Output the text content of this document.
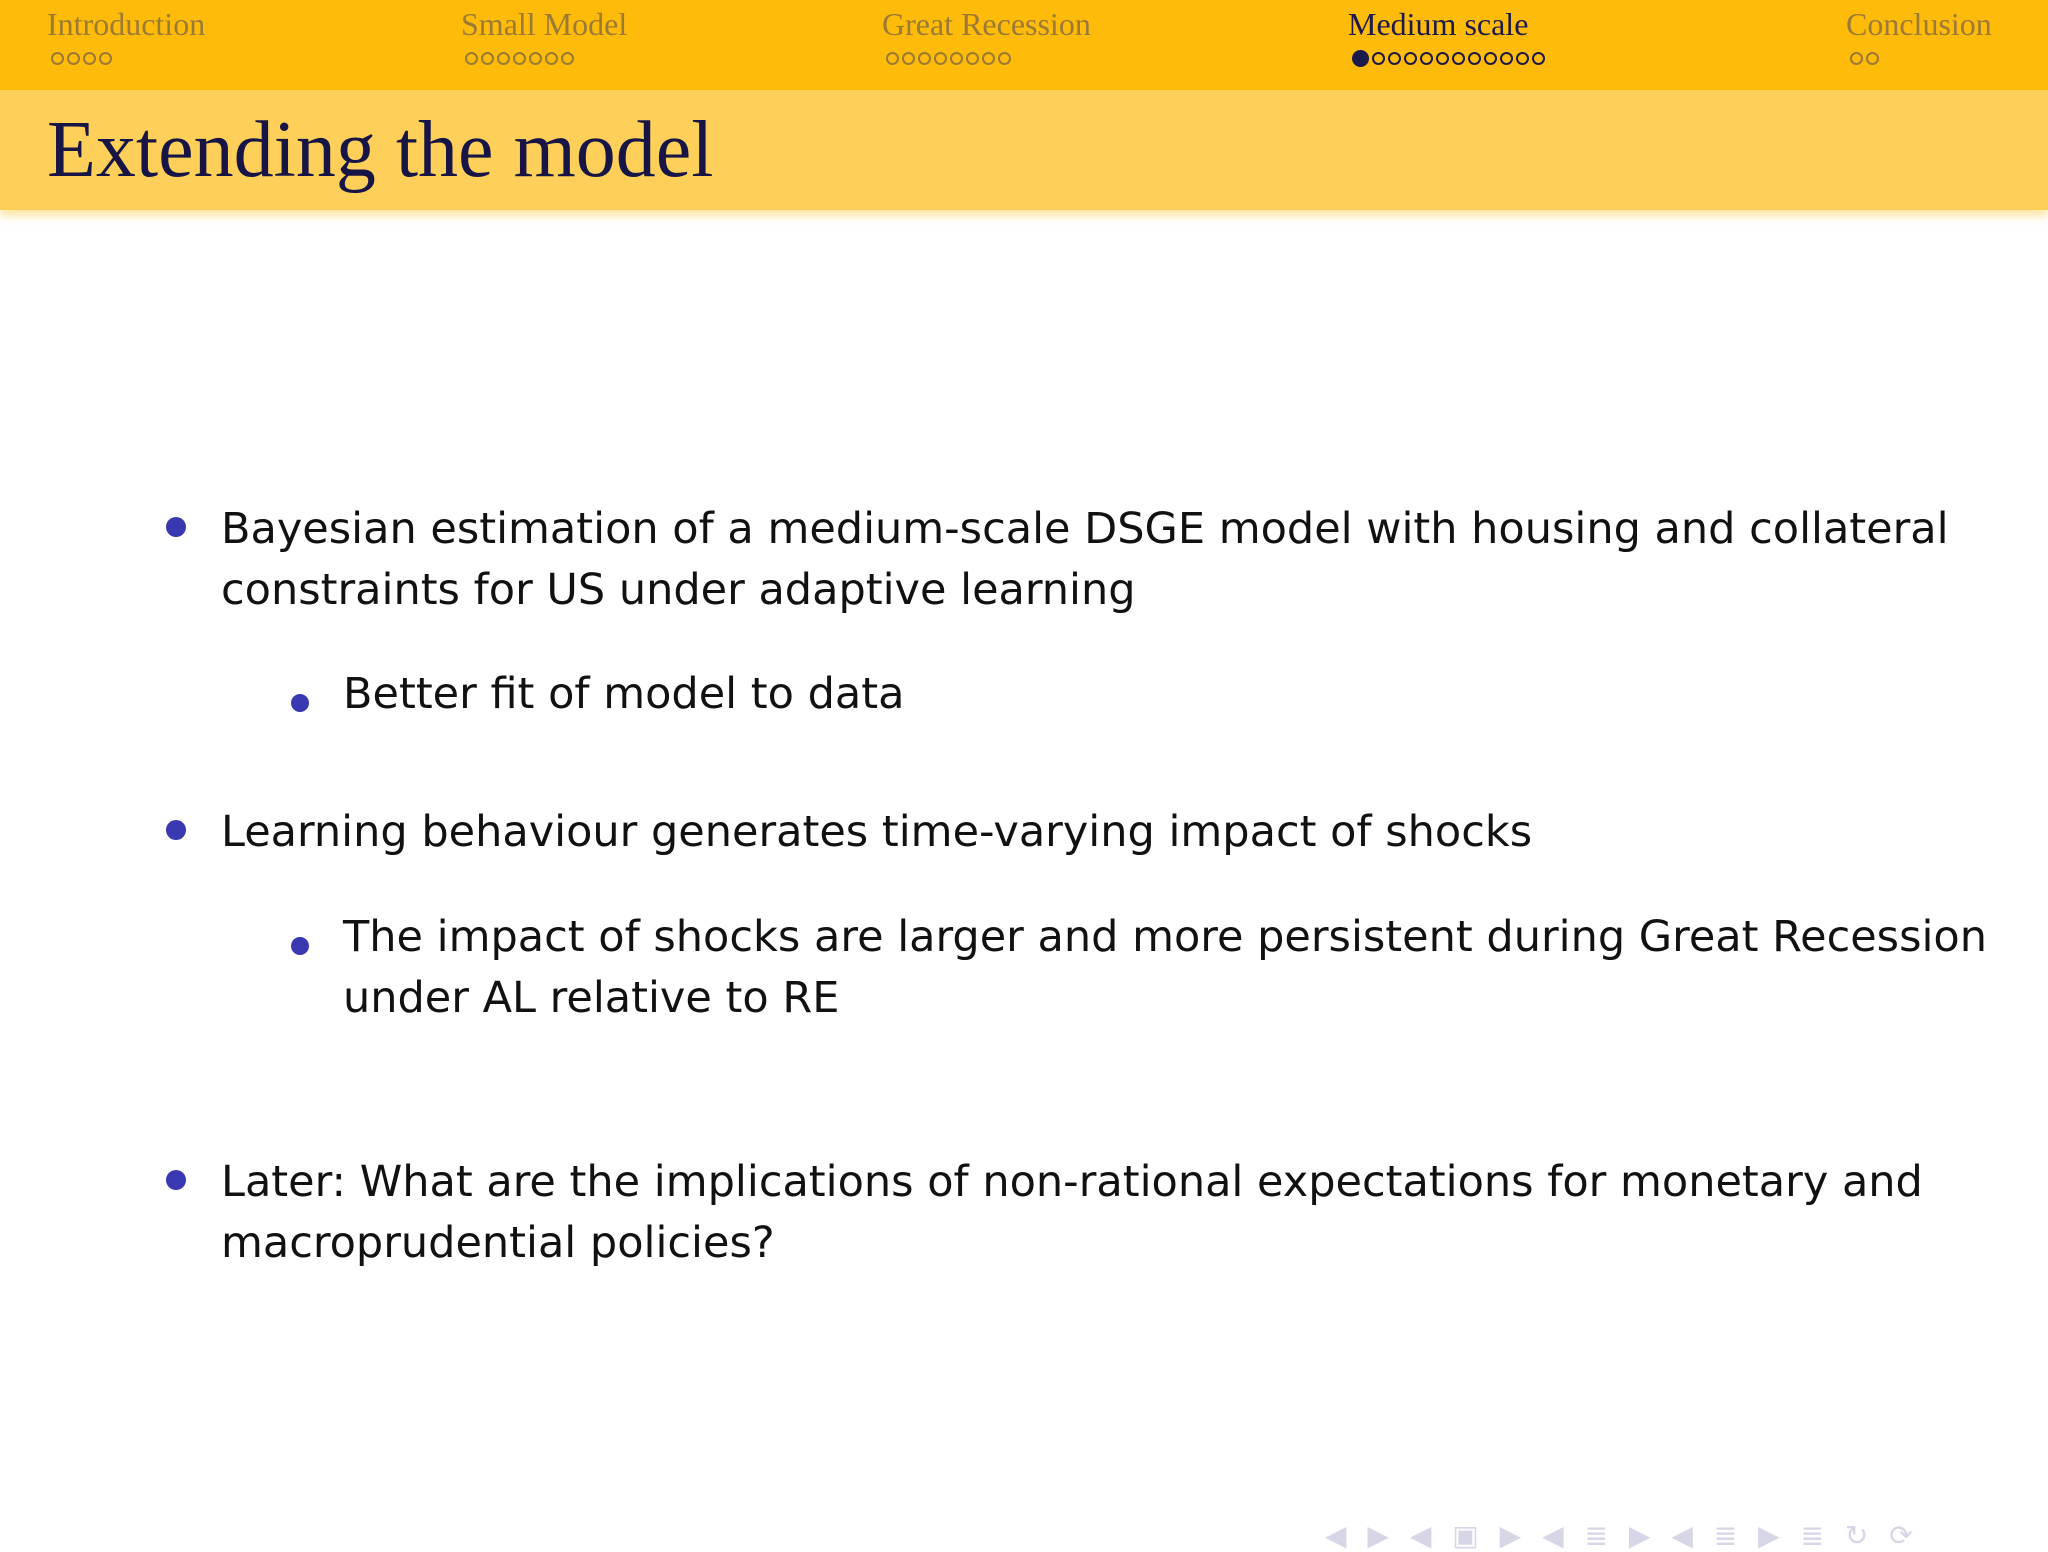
Introduction	Small Model	Great Recession	Medium scale	Conclusion
Extending the model
Bayesian estimation of a medium-scale DSGE model with housing and collateral
constraints for US under adaptive learning
Better fit of model to data
Learning behaviour generates time-varying impact of shocks
The impact of shocks are larger and more persistent during Great Recession
under AL relative to RE
Later: What are the implications of non-rational expectations for monetary and
macroprudential policies?
◀ ▶ ◀ ▣ ▶ ◀ ≣ ▶ ◀ ≣ ▶ ≣ ↻ ⟳
